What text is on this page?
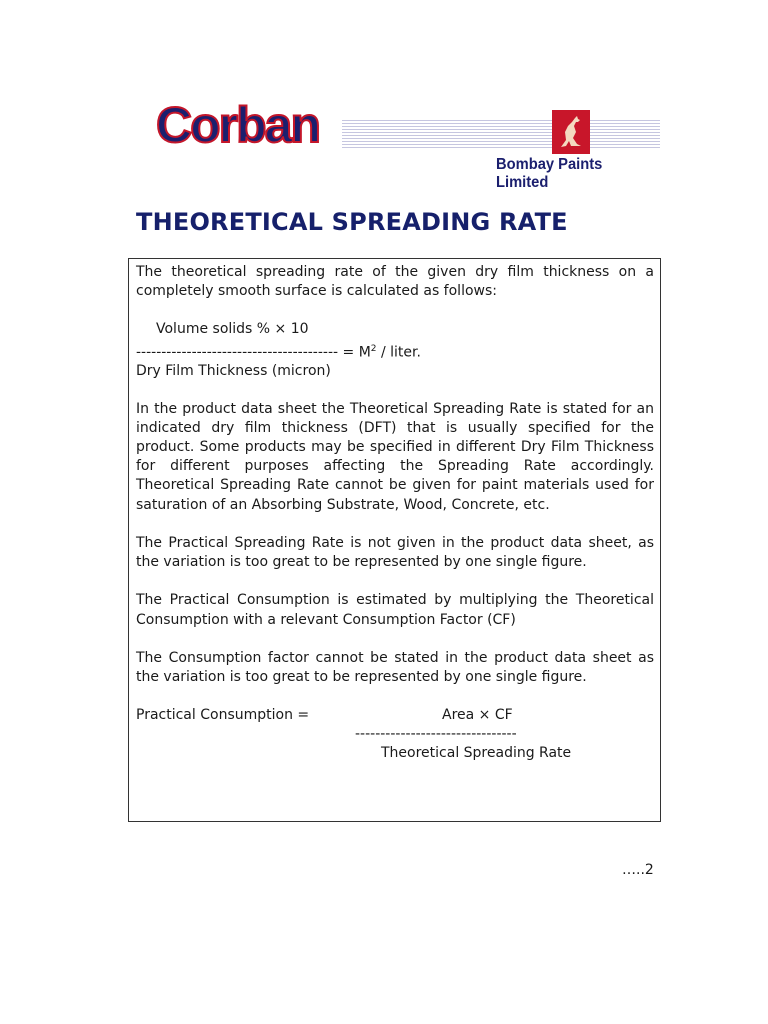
Corban
Bombay Paints Limited
THEORETICAL SPREADING RATE

The theoretical spreading rate of the given dry film thickness on a completely smooth surface is calculated as follows:

Volume solids % × 10
---------------------------------------- = $M^2$ / liter.
Dry Film Thickness (micron)

In the product data sheet the Theoretical Spreading Rate is stated for an indicated dry film thickness (DFT) that is usually specified for the product. Some products may be specified in different Dry Film Thickness for different purposes affecting the Spreading Rate accordingly. Theoretical Spreading Rate cannot be given for paint materials used for saturation of an Absorbing Substrate, Wood, Concrete, etc.

The Practical Spreading Rate is not given in the product data sheet, as the variation is too great to be represented by one single figure.

The Practical Consumption is estimated by multiplying the Theoretical Consumption with a relevant Consumption Factor (CF)

The Consumption factor cannot be stated in the product data sheet as the variation is too great to be represented by one single figure.

Practical Consumption =	Area × CF
--------------------------------
Theoretical Spreading Rate
…..2
